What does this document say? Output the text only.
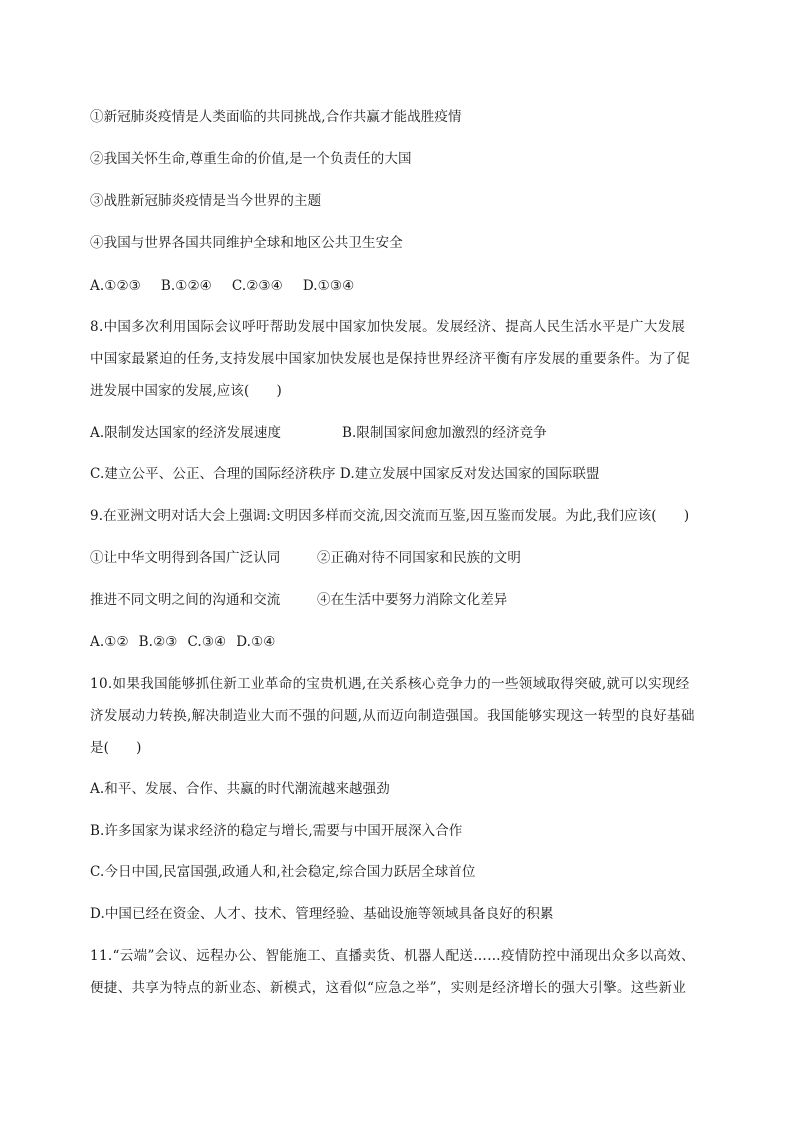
①新冠肺炎疫情是人类面临的共同挑战,合作共赢才能战胜疫情
②我国关怀生命,尊重生命的价值,是一个负责任的大国
③战胜新冠肺炎疫情是当今世界的主题
④我国与世界各国共同维护全球和地区公共卫生安全
A.①②③ B.①②④ C.②③④ D.①③④
8.中国多次利用国际会议呼吁帮助发展中国家加快发展。发展经济、提高人民生活水平是广大发展
中国家最紧迫的任务,支持发展中国家加快发展也是保持世界经济平衡有序发展的重要条件。为了促
进发展中国家的发展,应该(　　)
A.限制发达国家的经济发展速度	B.限制国家间愈加激烈的经济竞争
C.建立公平、公正、合理的国际经济秩序 D.建立发展中国家反对发达国家的国际联盟
9.在亚洲文明对话大会上强调:文明因多样而交流,因交流而互鉴,因互鉴而发展。为此,我们应该(　　)
①让中华文明得到各国广泛认同	②正确对待不同国家和民族的文明
推进不同文明之间的沟通和交流	④在生活中要努力消除文化差异
A.①② B.②③ C.③④ D.①④
10.如果我国能够抓住新工业革命的宝贵机遇,在关系核心竞争力的一些领域取得突破,就可以实现经
济发展动力转换,解决制造业大而不强的问题,从而迈向制造强国。我国能够实现这一转型的良好基础
是(　　)
A.和平、发展、合作、共赢的时代潮流越来越强劲
B.许多国家为谋求经济的稳定与增长,需要与中国开展深入合作
C.今日中国,民富国强,政通人和,社会稳定,综合国力跃居全球首位
D.中国已经在资金、人才、技术、管理经验、基础设施等领域具备良好的积累
11.“云端”会议、远程办公、智能施工、直播卖货、机器人配送……疫情防控中涌现出众多以高效、
便捷、共享为特点的新业态、新模式，这看似“应急之举”，实则是经济增长的强大引擎。这些新业
